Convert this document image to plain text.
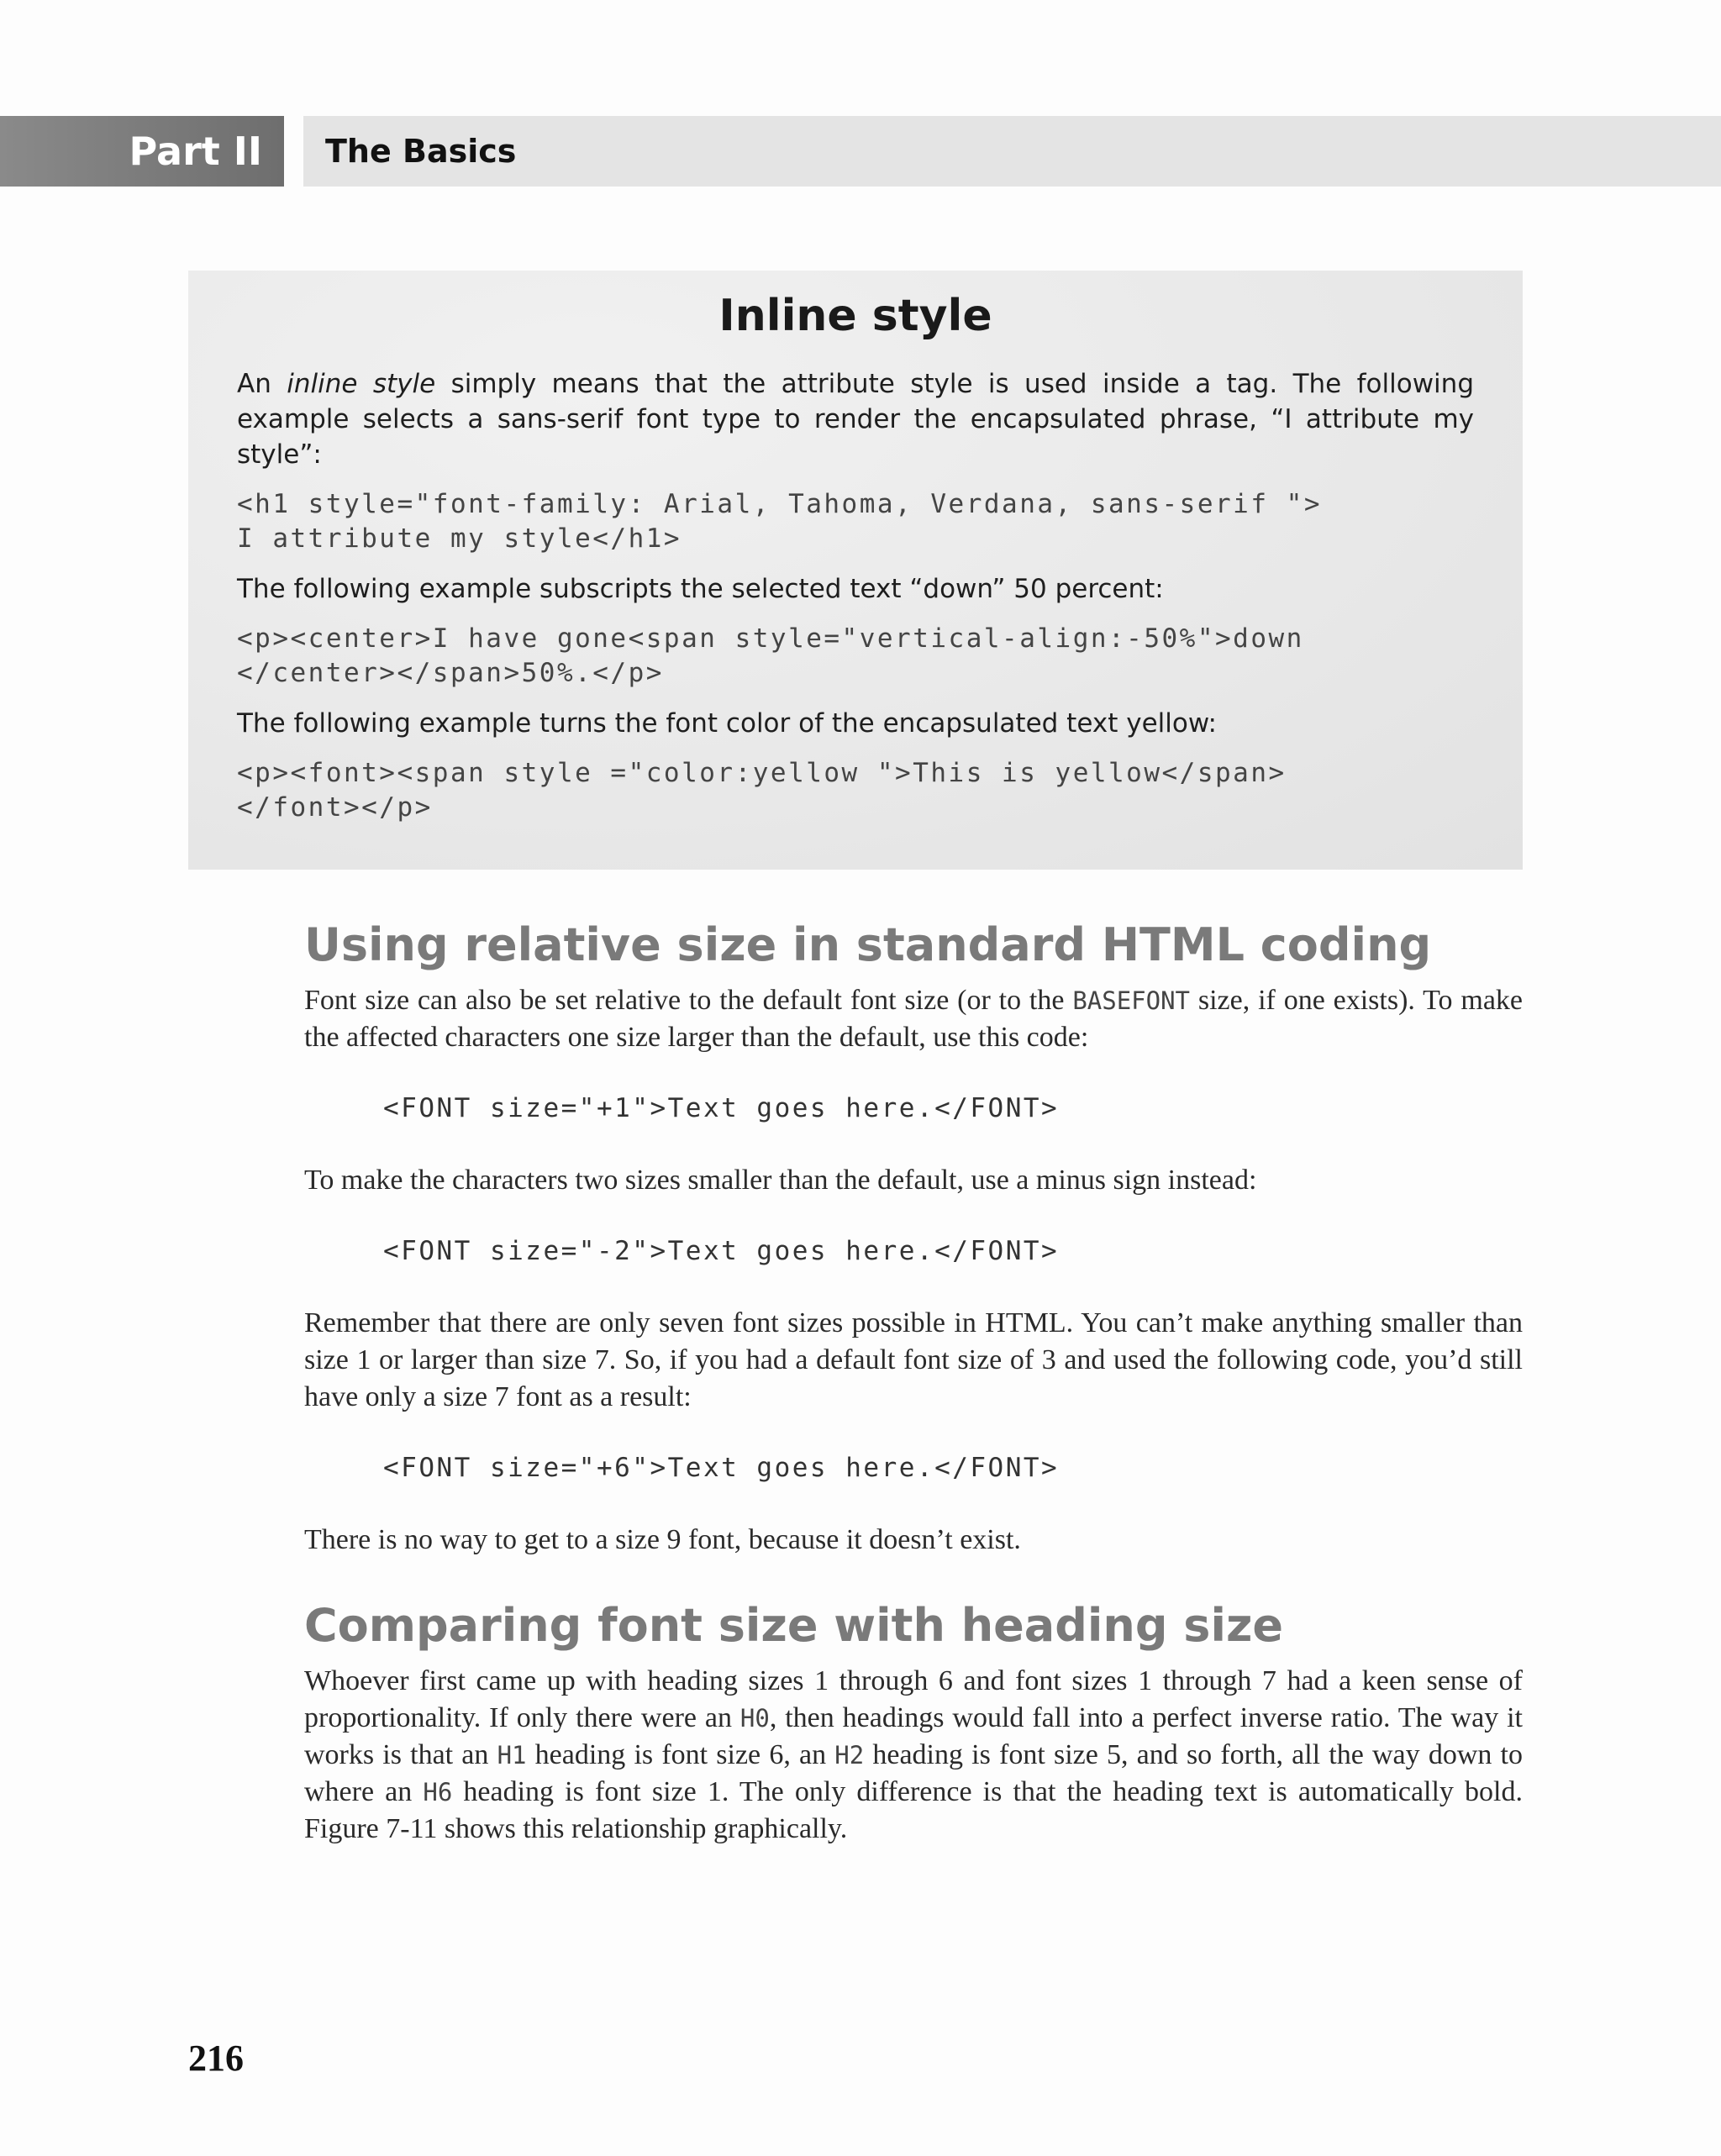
Part II	The Basics
Inline style

An inline style simply means that the attribute style is used inside a tag. The following example selects a sans-serif font type to render the encapsulated phrase, “I attribute my style”:

<h1 style="font-family: Arial, Tahoma, Verdana, sans-serif ">
I attribute my style</h1>

The following example subscripts the selected text “down” 50 percent:

<p><center>I have gone<span style="vertical-align:-50%">down
</center></span>50%.</p>

The following example turns the font color of the encapsulated text yellow:

<p><font><span style ="color:yellow ">This is yellow</span>
</font></p>
Using relative size in standard HTML coding

Font size can also be set relative to the default font size (or to the BASEFONT size, if one exists). To make the affected characters one size larger than the default, use this code:

<FONT size="+1">Text goes here.</FONT>

To make the characters two sizes smaller than the default, use a minus sign instead:

<FONT size="-2">Text goes here.</FONT>

Remember that there are only seven font sizes possible in HTML. You can’t make anything smaller than size 1 or larger than size 7. So, if you had a default font size of 3 and used the following code, you’d still have only a size 7 font as a result:

<FONT size="+6">Text goes here.</FONT>

There is no way to get to a size 9 font, because it doesn’t exist.

Comparing font size with heading size

Whoever first came up with heading sizes 1 through 6 and font sizes 1 through 7 had a keen sense of proportionality. If only there were an H0, then headings would fall into a perfect inverse ratio. The way it works is that an H1 heading is font size 6, an H2 heading is font size 5, and so forth, all the way down to where an H6 heading is font size 1. The only difference is that the heading text is automatically bold. Figure 7-11 shows this relationship graphically.

216
